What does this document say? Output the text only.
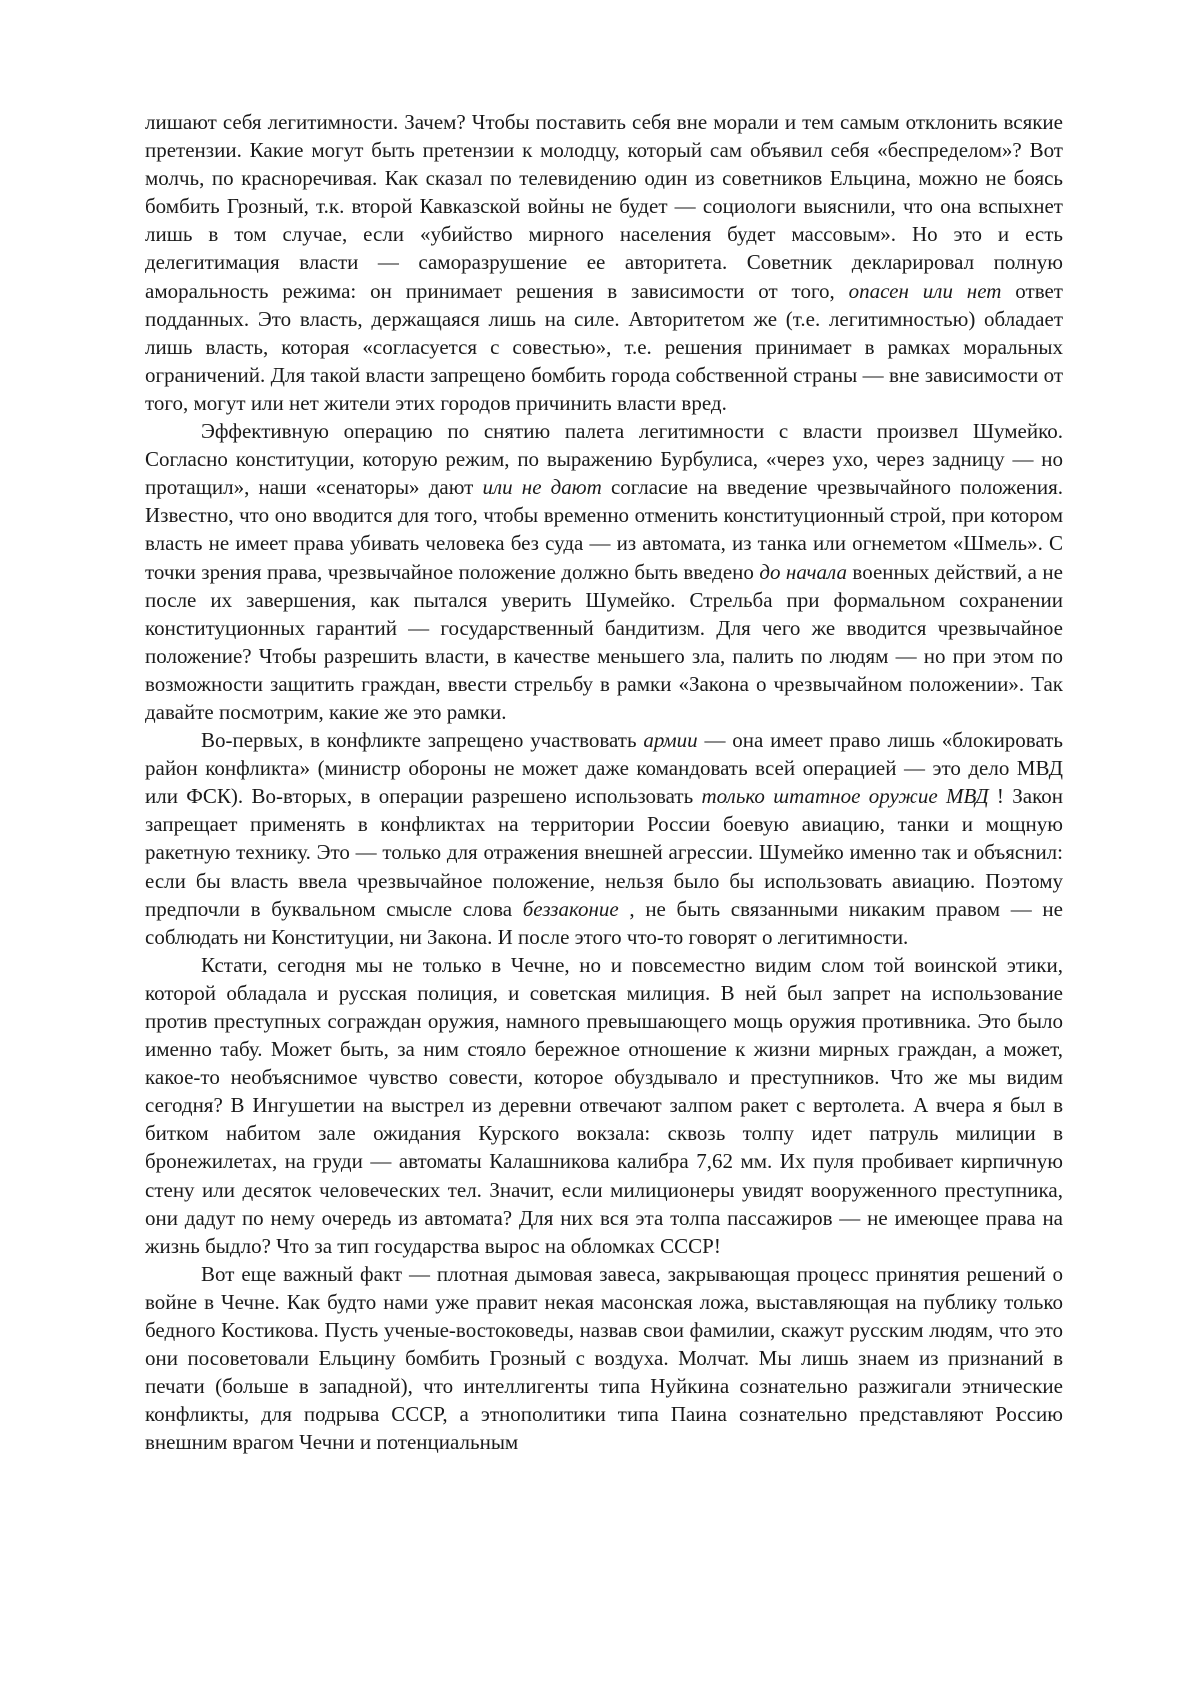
лишают себя легитимности. Зачем? Чтобы поставить себя вне морали и тем самым отклонить всякие претензии. Какие могут быть претензии к молодцу, который сам объявил себя «беспределом»? Вот молчь, по красноречивая. Как сказал по телевидению один из советников Ельцина, можно не боясь бомбить Грозный, т.к. второй Кавказской войны не будет — социологи выяснили, что она вспыхнет лишь в том случае, если «убийство мирного населения будет массовым». Но это и есть делегитимация власти — саморазрушение ее авторитета. Советник декларировал полную аморальность режима: он принимает решения в зависимости от того, опасен или нет ответ подданных. Это власть, держащаяся лишь на силе. Авторитетом же (т.е. легитимностью) обладает лишь власть, которая «согласуется с совестью», т.е. решения принимает в рамках моральных ограничений. Для такой власти запрещено бомбить города собственной страны — вне зависимости от того, могут или нет жители этих городов причинить власти вред.

Эффективную операцию по снятию палета легитимности с власти произвел Шумейко. Согласно конституции, которую режим, по выражению Бурбулиса, «через ухо, через задницу — но протащил», наши «сенаторы» дают или не дают согласие на введение чрезвычайного положения. Известно, что оно вводится для того, чтобы временно отменить конституционный строй, при котором власть не имеет права убивать человека без суда — из автомата, из танка или огнеметом «Шмель». С точки зрения права, чрезвычайное положение должно быть введено до начала военных действий, а не после их завершения, как пытался уверить Шумейко. Стрельба при формальном сохранении конституционных гарантий — государственный бандитизм. Для чего же вводится чрезвычайное положение? Чтобы разрешить власти, в качестве меньшего зла, палить по людям — но при этом по возможности защитить граждан, ввести стрельбу в рамки «Закона о чрезвычайном положении». Так давайте посмотрим, какие же это рамки.

Во-первых, в конфликте запрещено участвовать армии — она имеет право лишь «блокировать район конфликта» (министр обороны не может даже командовать всей операцией — это дело МВД или ФСК). Во-вторых, в операции разрешено использовать только штатное оружие МВД ! Закон запрещает применять в конфликтах на территории России боевую авиацию, танки и мощную ракетную технику. Это — только для отражения внешней агрессии. Шумейко именно так и объяснил: если бы власть ввела чрезвычайное положение, нельзя было бы использовать авиацию. Поэтому предпочли в буквальном смысле слова беззаконие , не быть связанными никаким правом — не соблюдать ни Конституции, ни Закона. И после этого что-то говорят о легитимности.

Кстати, сегодня мы не только в Чечне, но и повсеместно видим слом той воинской этики, которой обладала и русская полиция, и советская милиция. В ней был запрет на использование против преступных сограждан оружия, намного превышающего мощь оружия противника. Это было именно табу. Может быть, за ним стояло бережное отношение к жизни мирных граждан, а может, какое-то необъяснимое чувство совести, которое обуздывало и преступников. Что же мы видим сегодня? В Ингушетии на выстрел из деревни отвечают залпом ракет с вертолета. А вчера я был в битком набитом зале ожидания Курского вокзала: сквозь толпу идет патруль милиции в бронежилетах, на груди — автоматы Калашникова калибра 7,62 мм. Их пуля пробивает кирпичную стену или десяток человеческих тел. Значит, если милиционеры увидят вооруженного преступника, они дадут по нему очередь из автомата? Для них вся эта толпа пассажиров — не имеющее права на жизнь быдло? Что за тип государства вырос на обломках СССР!

Вот еще важный факт — плотная дымовая завеса, закрывающая процесс принятия решений о войне в Чечне. Как будто нами уже правит некая масонская ложа, выставляющая на публику только бедного Костикова. Пусть ученые-востоковеды, назвав свои фамилии, скажут русским людям, что это они посоветовали Ельцину бомбить Грозный с воздуха. Молчат. Мы лишь знаем из признаний в печати (больше в западной), что интеллигенты типа Нуйкина сознательно разжигали этнические конфликты, для подрыва СССР, а этнополитики типа Паина сознательно представляют Россию внешним врагом Чечни и потенциальным
